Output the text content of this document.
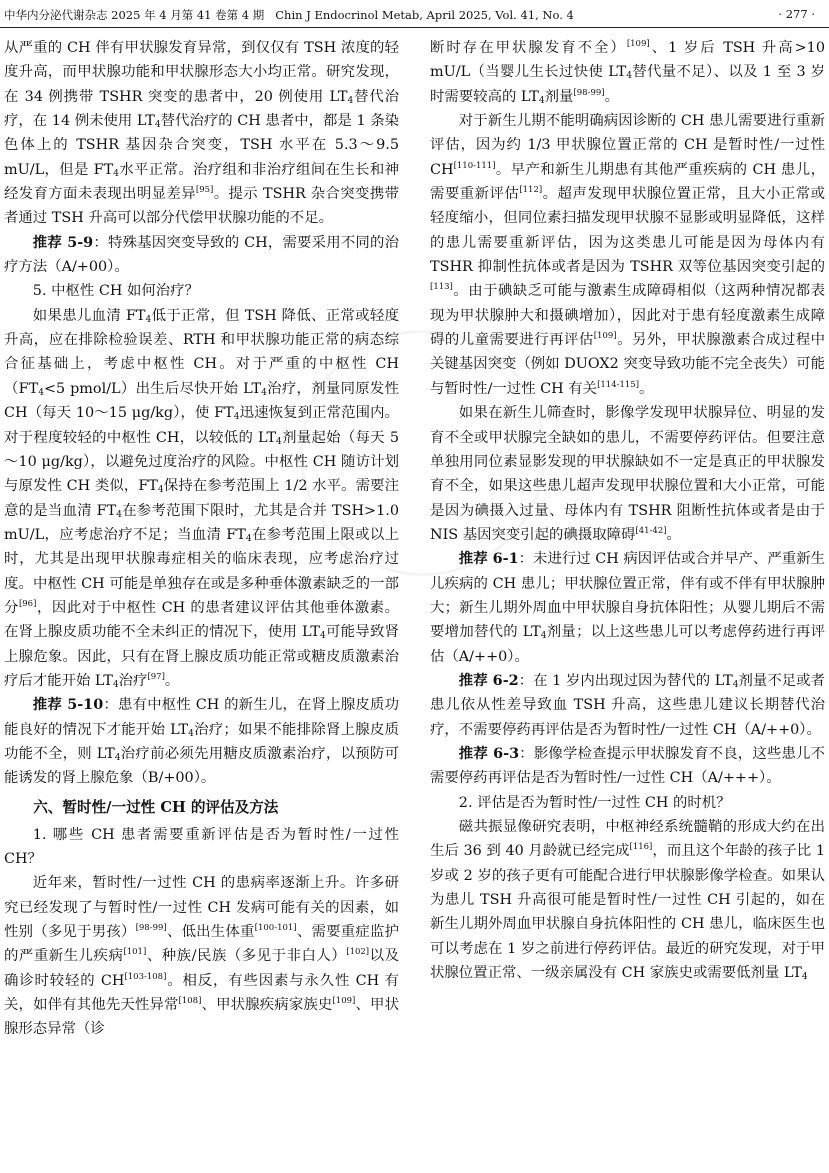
中华内分泌代谢杂志 2025 年 4 月第 41 卷第 4 期 Chin J Endocrinol Metab, April 2025, Vol. 41, No. 4	· 277 ·

从严重的 CH 伴有甲状腺发育异常，到仅仅有 TSH 浓度的轻度升高，而甲状腺功能和甲状腺形态大小均正常。研究发现，在 34 例携带 TSHR 突变的患者中，20 例使用 $LT_4$替代治疗，在 14 例未使用 $LT_4$替代治疗的 CH 患者中，都是 1 条染色体上的 TSHR 基因杂合突变，TSH 水平在 5.3～9.5 mU/L，但是 $FT_4$水平正常。治疗组和非治疗组间在生长和神经发育方面未表现出明显差异[95]。提示 TSHR 杂合突变携带者通过 TSH 升高可以部分代偿甲状腺功能的不足。

推荐 5-9：特殊基因突变导致的 CH，需要采用不同的治疗方法（A/+00）。

5. 中枢性 CH 如何治疗？

如果患儿血清 $FT_4$低于正常，但 TSH 降低、正常或轻度升高，应在排除检验误差、RTH 和甲状腺功能正常的病态综合征基础上，考虑中枢性 CH。对于严重的中枢性 $CH(FT_4<5$ pmol/L）出生后尽快开始 $LT_4$治疗，剂量同原发性 CH（每天 10～15 μg/kg），使 $FT_4$迅速恢复到正常范围内。对于程度较轻的中枢性 CH，以较低的 $LT_4$剂量起始（每天 5～10 μg/kg），以避免过度治疗的风险。中枢性 CH 随访计划与原发性 CH 类似，$FT_4$保持在参考范围上 1/2 水平。需要注意的是当血清 $FT_4$在参考范围下限时，尤其是合并 TSH>1.0 mU/L，应考虑治疗不足；当血清 $FT_4$在参考范围上限或以上时，尤其是出现甲状腺毒症相关的临床表现，应考虑治疗过度。中枢性 CH 可能是单独存在或是多种垂体激素缺乏的一部分[96]，因此对于中枢性 CH 的患者建议评估其他垂体激素。在肾上腺皮质功能不全未纠正的情况下，使用 $LT_4$可能导致肾上腺危象。因此，只有在肾上腺皮质功能正常或糖皮质激素治疗后才能开始 $LT_4$治疗[97]。

推荐 5-10：患有中枢性 CH 的新生儿，在肾上腺皮质功能良好的情况下才能开始 $LT_4$治疗；如果不能排除肾上腺皮质功能不全，则 $LT_4$治疗前必须先用糖皮质激素治疗，以预防可能诱发的肾上腺危象（B/+00）。

六、暂时性/一过性 CH 的评估及方法

1. 哪些 CH 患者需要重新评估是否为暂时性/一过性 CH？

近年来，暂时性/一过性 CH 的患病率逐渐上升。许多研究已经发现了与暂时性/一过性 CH 发病可能有关的因素，如性别（多见于男孩）[98-99]、低出生体重[100-101]、需要重症监护的严重新生儿疾病[101]、种族/民族（多见于非白人）[102]以及确诊时较轻的 CH[103-108]。相反，有些因素与永久性 CH 有关，如伴有其他先天性异常[108]、甲状腺疾病家族史[109]、甲状腺形态异常（诊

断时存在甲状腺发育不全）[109]、1 岁后 TSH 升高>10 mU/L（当婴儿生长过快使 $LT_4$替代量不足）、以及 1 至 3 岁时需要较高的 $LT_4$剂量[98-99]。

对于新生儿期不能明确病因诊断的 CH 患儿需要进行重新评估，因为约 1/3 甲状腺位置正常的 CH 是暂时性/一过性 CH[110-111]。早产和新生儿期患有其他严重疾病的 CH 患儿，需要重新评估[112]。超声发现甲状腺位置正常，且大小正常或轻度缩小，但同位素扫描发现甲状腺不显影或明显降低，这样的患儿需要重新评估，因为这类患儿可能是因为母体内有 TSHR 抑制性抗体或者是因为 TSHR 双等位基因突变引起的[113]。由于碘缺乏可能与激素生成障碍相似（这两种情况都表现为甲状腺肿大和摄碘增加），因此对于患有轻度激素生成障碍的儿童需要进行再评估[109]。另外，甲状腺激素合成过程中关键基因突变（例如 DUOX2 突变导致功能不完全丧失）可能与暂时性/一过性 CH 有关[114-115]。

如果在新生儿筛查时，影像学发现甲状腺异位、明显的发育不全或甲状腺完全缺如的患儿，不需要停药评估。但要注意单独用同位素显影发现的甲状腺缺如不一定是真正的甲状腺发育不全，如果这些患儿超声发现甲状腺位置和大小正常，可能是因为碘摄入过量、母体内有 TSHR 阻断性抗体或者是由于 NIS 基因突变引起的碘摄取障碍[41-42]。

推荐 6-1：未进行过 CH 病因评估或合并早产、严重新生儿疾病的 CH 患儿；甲状腺位置正常，伴有或不伴有甲状腺肿大；新生儿期外周血中甲状腺自身抗体阳性；从婴儿期后不需要增加替代的 $LT_4$剂量；以上这些患儿可以考虑停药进行再评估（A/++0）。

推荐 6-2：在 1 岁内出现过因为替代的 $LT_4$剂量不足或者患儿依从性差导致血 TSH 升高，这些患儿建议长期替代治疗，不需要停药再评估是否为暂时性/一过性 CH（A/++0）。

推荐 6-3：影像学检查提示甲状腺发育不良，这些患儿不需要停药再评估是否为暂时性/一过性 CH（A/+++）。

2. 评估是否为暂时性/一过性 CH 的时机？

磁共振显像研究表明，中枢神经系统髓鞘的形成大约在出生后 36 到 40 月龄就已经完成[116]，而且这个年龄的孩子比 1 岁或 2 岁的孩子更有可能配合进行甲状腺影像学检查。如果认为患儿 TSH 升高很可能是暂时性/一过性 CH 引起的，如在新生儿期外周血甲状腺自身抗体阳性的 CH 患儿，临床医生也可以考虑在 1 岁之前进行停药评估。最近的研究发现，对于甲状腺位置正常、一级亲属没有 CH 家族史或需要低剂量 $LT_4$
